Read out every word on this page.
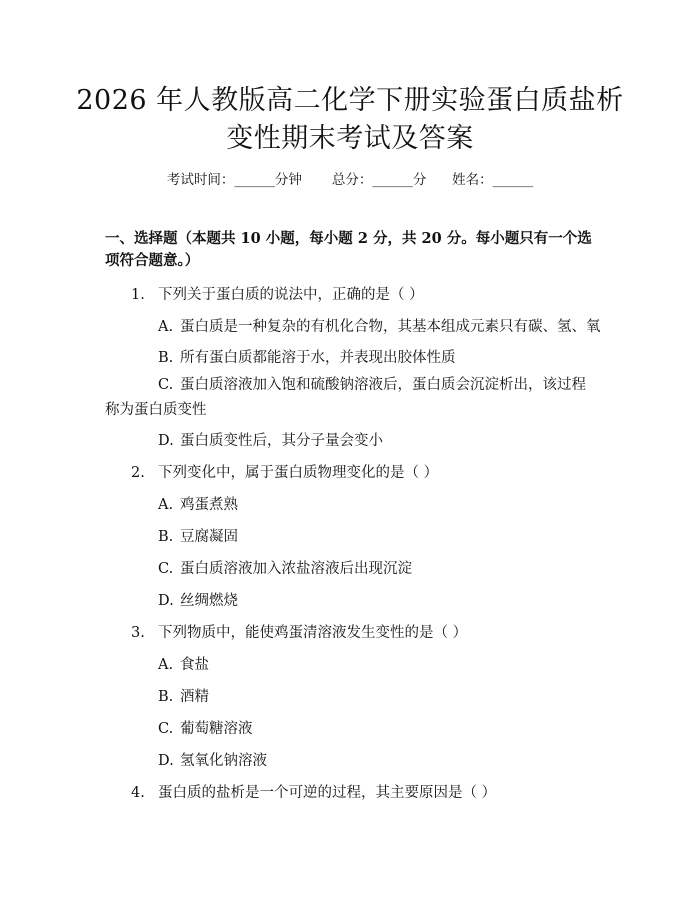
2026 年人教版高二化学下册实验蛋白质盐析
变性期末考试及答案
考试时间：______分钟 总分：______分 姓名：______
一、选择题（本题共 10 小题，每小题 2 分，共 20 分。每小题只有一个选项符合题意。）
1. 下列关于蛋白质的说法中，正确的是（ ）
A. 蛋白质是一种复杂的有机化合物，其基本组成元素只有碳、氢、氧
B. 所有蛋白质都能溶于水，并表现出胶体性质
C. 蛋白质溶液加入饱和硫酸钠溶液后，蛋白质会沉淀析出，该过程称为蛋白质变性
D. 蛋白质变性后，其分子量会变小
2. 下列变化中，属于蛋白质物理变化的是（ ）
A. 鸡蛋煮熟
B. 豆腐凝固
C. 蛋白质溶液加入浓盐溶液后出现沉淀
D. 丝绸燃烧
3. 下列物质中，能使鸡蛋清溶液发生变性的是（ ）
A. 食盐
B. 酒精
C. 葡萄糖溶液
D. 氢氧化钠溶液
4. 蛋白质的盐析是一个可逆的过程，其主要原因是（ ）
